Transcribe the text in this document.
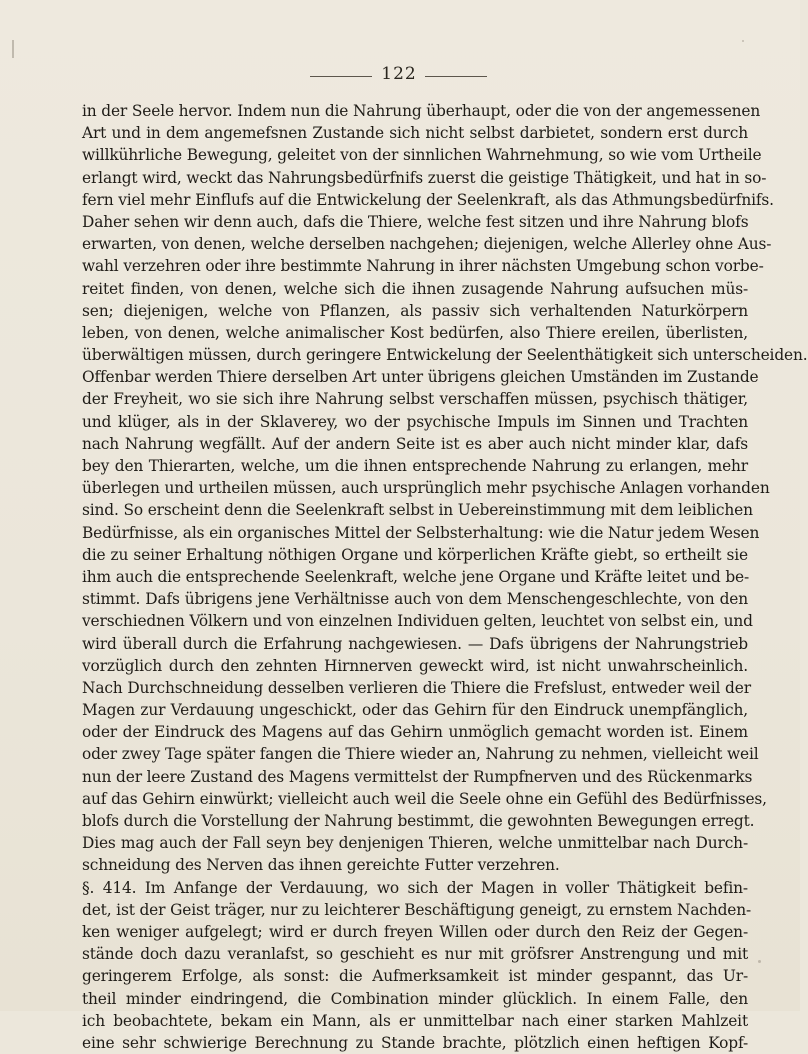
122
in der Seele hervor. Indem nun die Nahrung überhaupt, oder die von der angemessenen
Art und in dem angemefsnen Zustande sich nicht selbst darbietet, sondern erst durch
willkührliche Bewegung, geleitet von der sinnlichen Wahrnehmung, so wie vom Urtheile
erlangt wird, weckt das Nahrungsbedürfnifs zuerst die geistige Thätigkeit, und hat in so-
fern viel mehr Einflufs auf die Entwickelung der Seelenkraft, als das Athmungsbedürfnifs.
Daher sehen wir denn auch, dafs die Thiere, welche fest sitzen und ihre Nahrung blofs
erwarten, von denen, welche derselben nachgehen; diejenigen, welche Allerley ohne Aus-
wahl verzehren oder ihre bestimmte Nahrung in ihrer nächsten Umgebung schon vorbe-
reitet finden, von denen, welche sich die ihnen zusagende Nahrung aufsuchen müs-
sen; diejenigen, welche von Pflanzen, als passiv sich verhaltenden Naturkörpern
leben, von denen, welche animalischer Kost bedürfen, also Thiere ereilen, überlisten,
überwältigen müssen, durch geringere Entwickelung der Seelenthätigkeit sich unterscheiden.
Offenbar werden Thiere derselben Art unter übrigens gleichen Umständen im Zustande
der Freyheit, wo sie sich ihre Nahrung selbst verschaffen müssen, psychisch thätiger,
und klüger, als in der Sklaverey, wo der psychische Impuls im Sinnen und Trachten
nach Nahrung wegfällt. Auf der andern Seite ist es aber auch nicht minder klar, dafs
bey den Thierarten, welche, um die ihnen entsprechende Nahrung zu erlangen, mehr
überlegen und urtheilen müssen, auch ursprünglich mehr psychische Anlagen vorhanden
sind. So erscheint denn die Seelenkraft selbst in Uebereinstimmung mit dem leiblichen
Bedürfnisse, als ein organisches Mittel der Selbsterhaltung: wie die Natur jedem Wesen
die zu seiner Erhaltung nöthigen Organe und körperlichen Kräfte giebt, so ertheilt sie
ihm auch die entsprechende Seelenkraft, welche jene Organe und Kräfte leitet und be-
stimmt. Dafs übrigens jene Verhältnisse auch von dem Menschengeschlechte, von den
verschiednen Völkern und von einzelnen Individuen gelten, leuchtet von selbst ein, und
wird überall durch die Erfahrung nachgewiesen. — Dafs übrigens der Nahrungstrieb
vorzüglich durch den zehnten Hirnnerven geweckt wird, ist nicht unwahrscheinlich.
Nach Durchschneidung desselben verlieren die Thiere die Frefslust, entweder weil der
Magen zur Verdauung ungeschickt, oder das Gehirn für den Eindruck unempfänglich,
oder der Eindruck des Magens auf das Gehirn unmöglich gemacht worden ist. Einem
oder zwey Tage später fangen die Thiere wieder an, Nahrung zu nehmen, vielleicht weil
nun der leere Zustand des Magens vermittelst der Rumpfnerven und des Rückenmarks
auf das Gehirn einwürkt; vielleicht auch weil die Seele ohne ein Gefühl des Bedürfnisses,
blofs durch die Vorstellung der Nahrung bestimmt, die gewohnten Bewegungen erregt.
Dies mag auch der Fall seyn bey denjenigen Thieren, welche unmittelbar nach Durch-
schneidung des Nerven das ihnen gereichte Futter verzehren.
§. 414. Im Anfange der Verdauung, wo sich der Magen in voller Thätigkeit befin-
det, ist der Geist träger, nur zu leichterer Beschäftigung geneigt, zu ernstem Nachden-
ken weniger aufgelegt; wird er durch freyen Willen oder durch den Reiz der Gegen-
stände doch dazu veranlafst, so geschieht es nur mit gröfsrer Anstrengung und mit
geringerem Erfolge, als sonst: die Aufmerksamkeit ist minder gespannt, das Ur-
theil minder eindringend, die Combination minder glücklich. In einem Falle, den
ich beobachtete, bekam ein Mann, als er unmittelbar nach einer starken Mahlzeit
eine sehr schwierige Berechnung zu Stande brachte, plötzlich einen heftigen Kopf-
